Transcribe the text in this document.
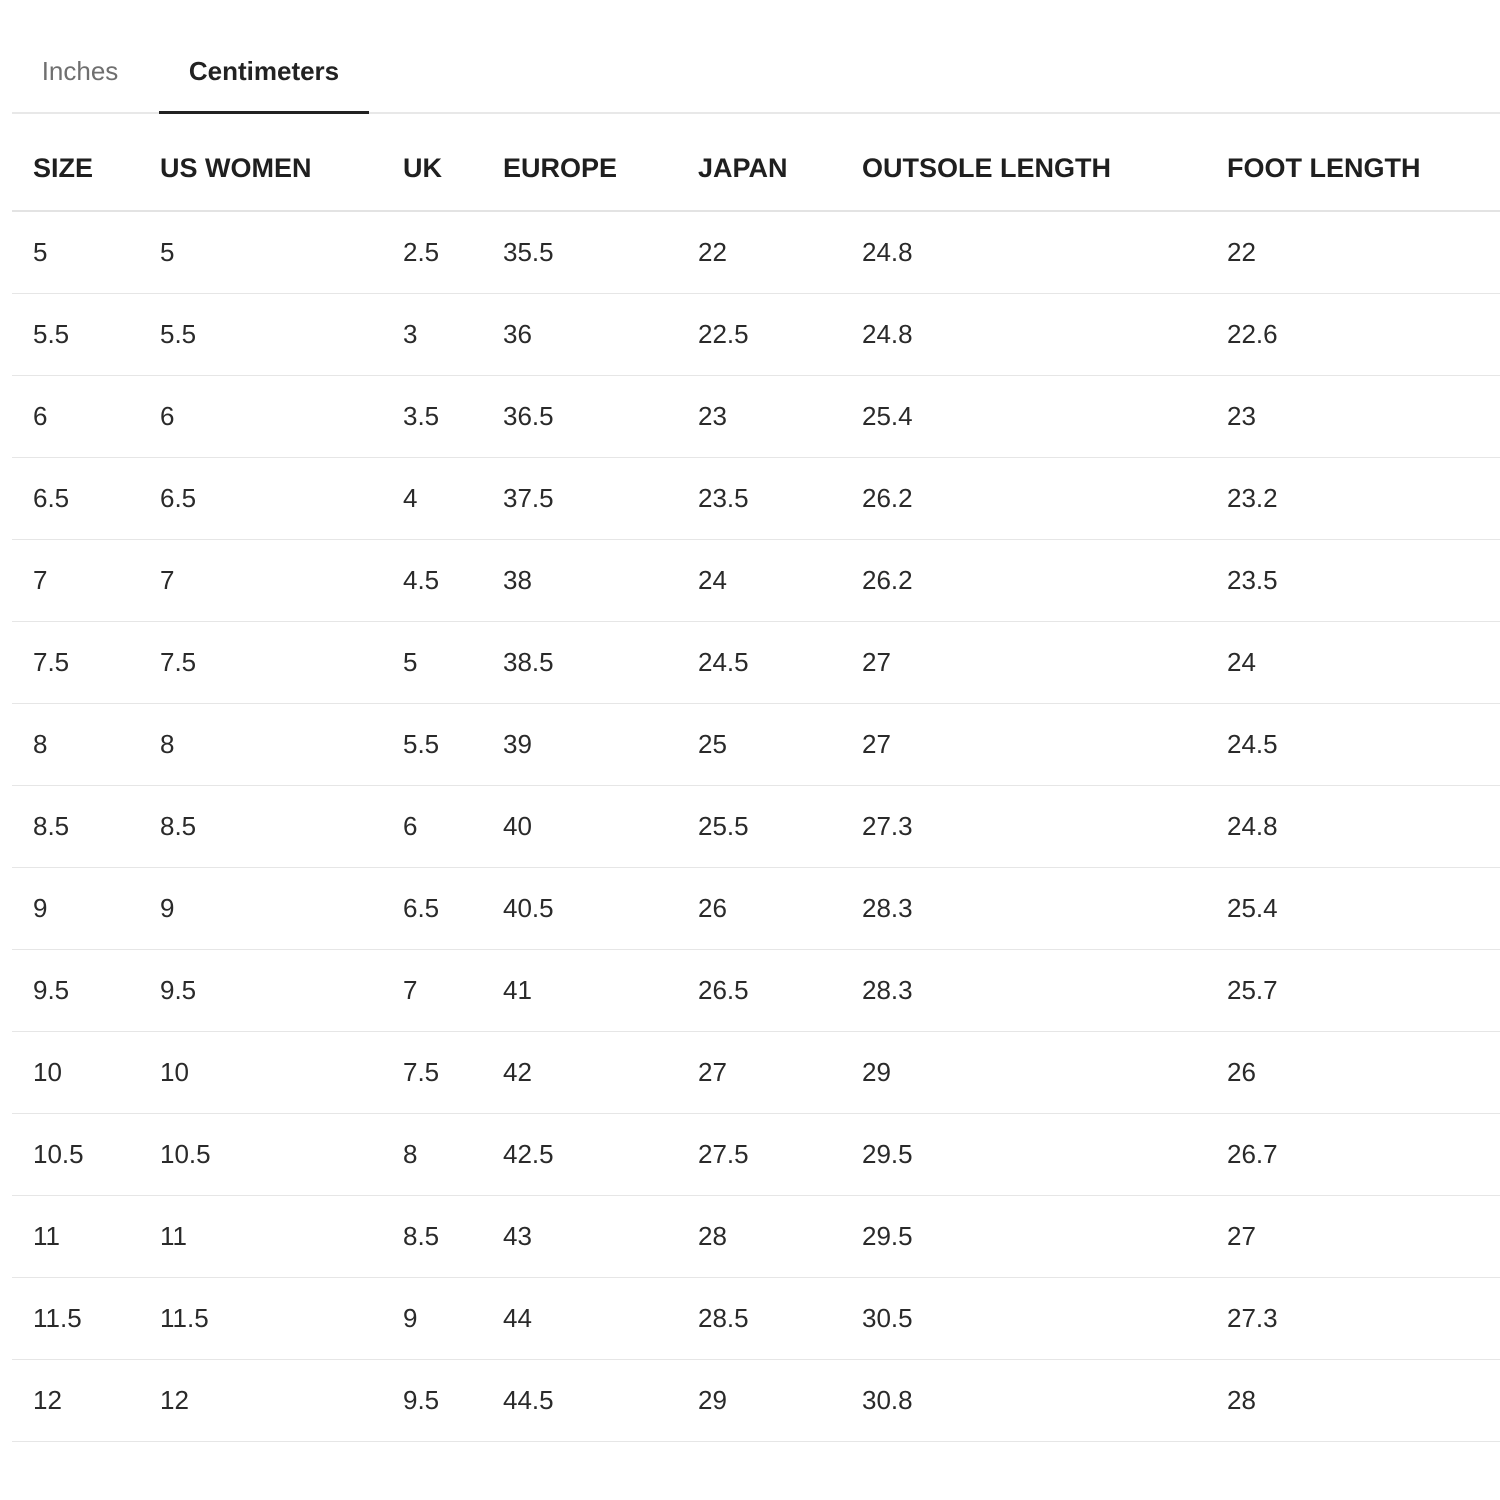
Inches	Centimeters
SIZE	US WOMEN	UK	EUROPE	JAPAN	OUTSOLE LENGTH	FOOT LENGTH
5	5	2.5	35.5	22	24.8	22
5.5	5.5	3	36	22.5	24.8	22.6
6	6	3.5	36.5	23	25.4	23
6.5	6.5	4	37.5	23.5	26.2	23.2
7	7	4.5	38	24	26.2	23.5
7.5	7.5	5	38.5	24.5	27	24
8	8	5.5	39	25	27	24.5
8.5	8.5	6	40	25.5	27.3	24.8
9	9	6.5	40.5	26	28.3	25.4
9.5	9.5	7	41	26.5	28.3	25.7
10	10	7.5	42	27	29	26
10.5	10.5	8	42.5	27.5	29.5	26.7
11	11	8.5	43	28	29.5	27
11.5	11.5	9	44	28.5	30.5	27.3
12	12	9.5	44.5	29	30.8	28
